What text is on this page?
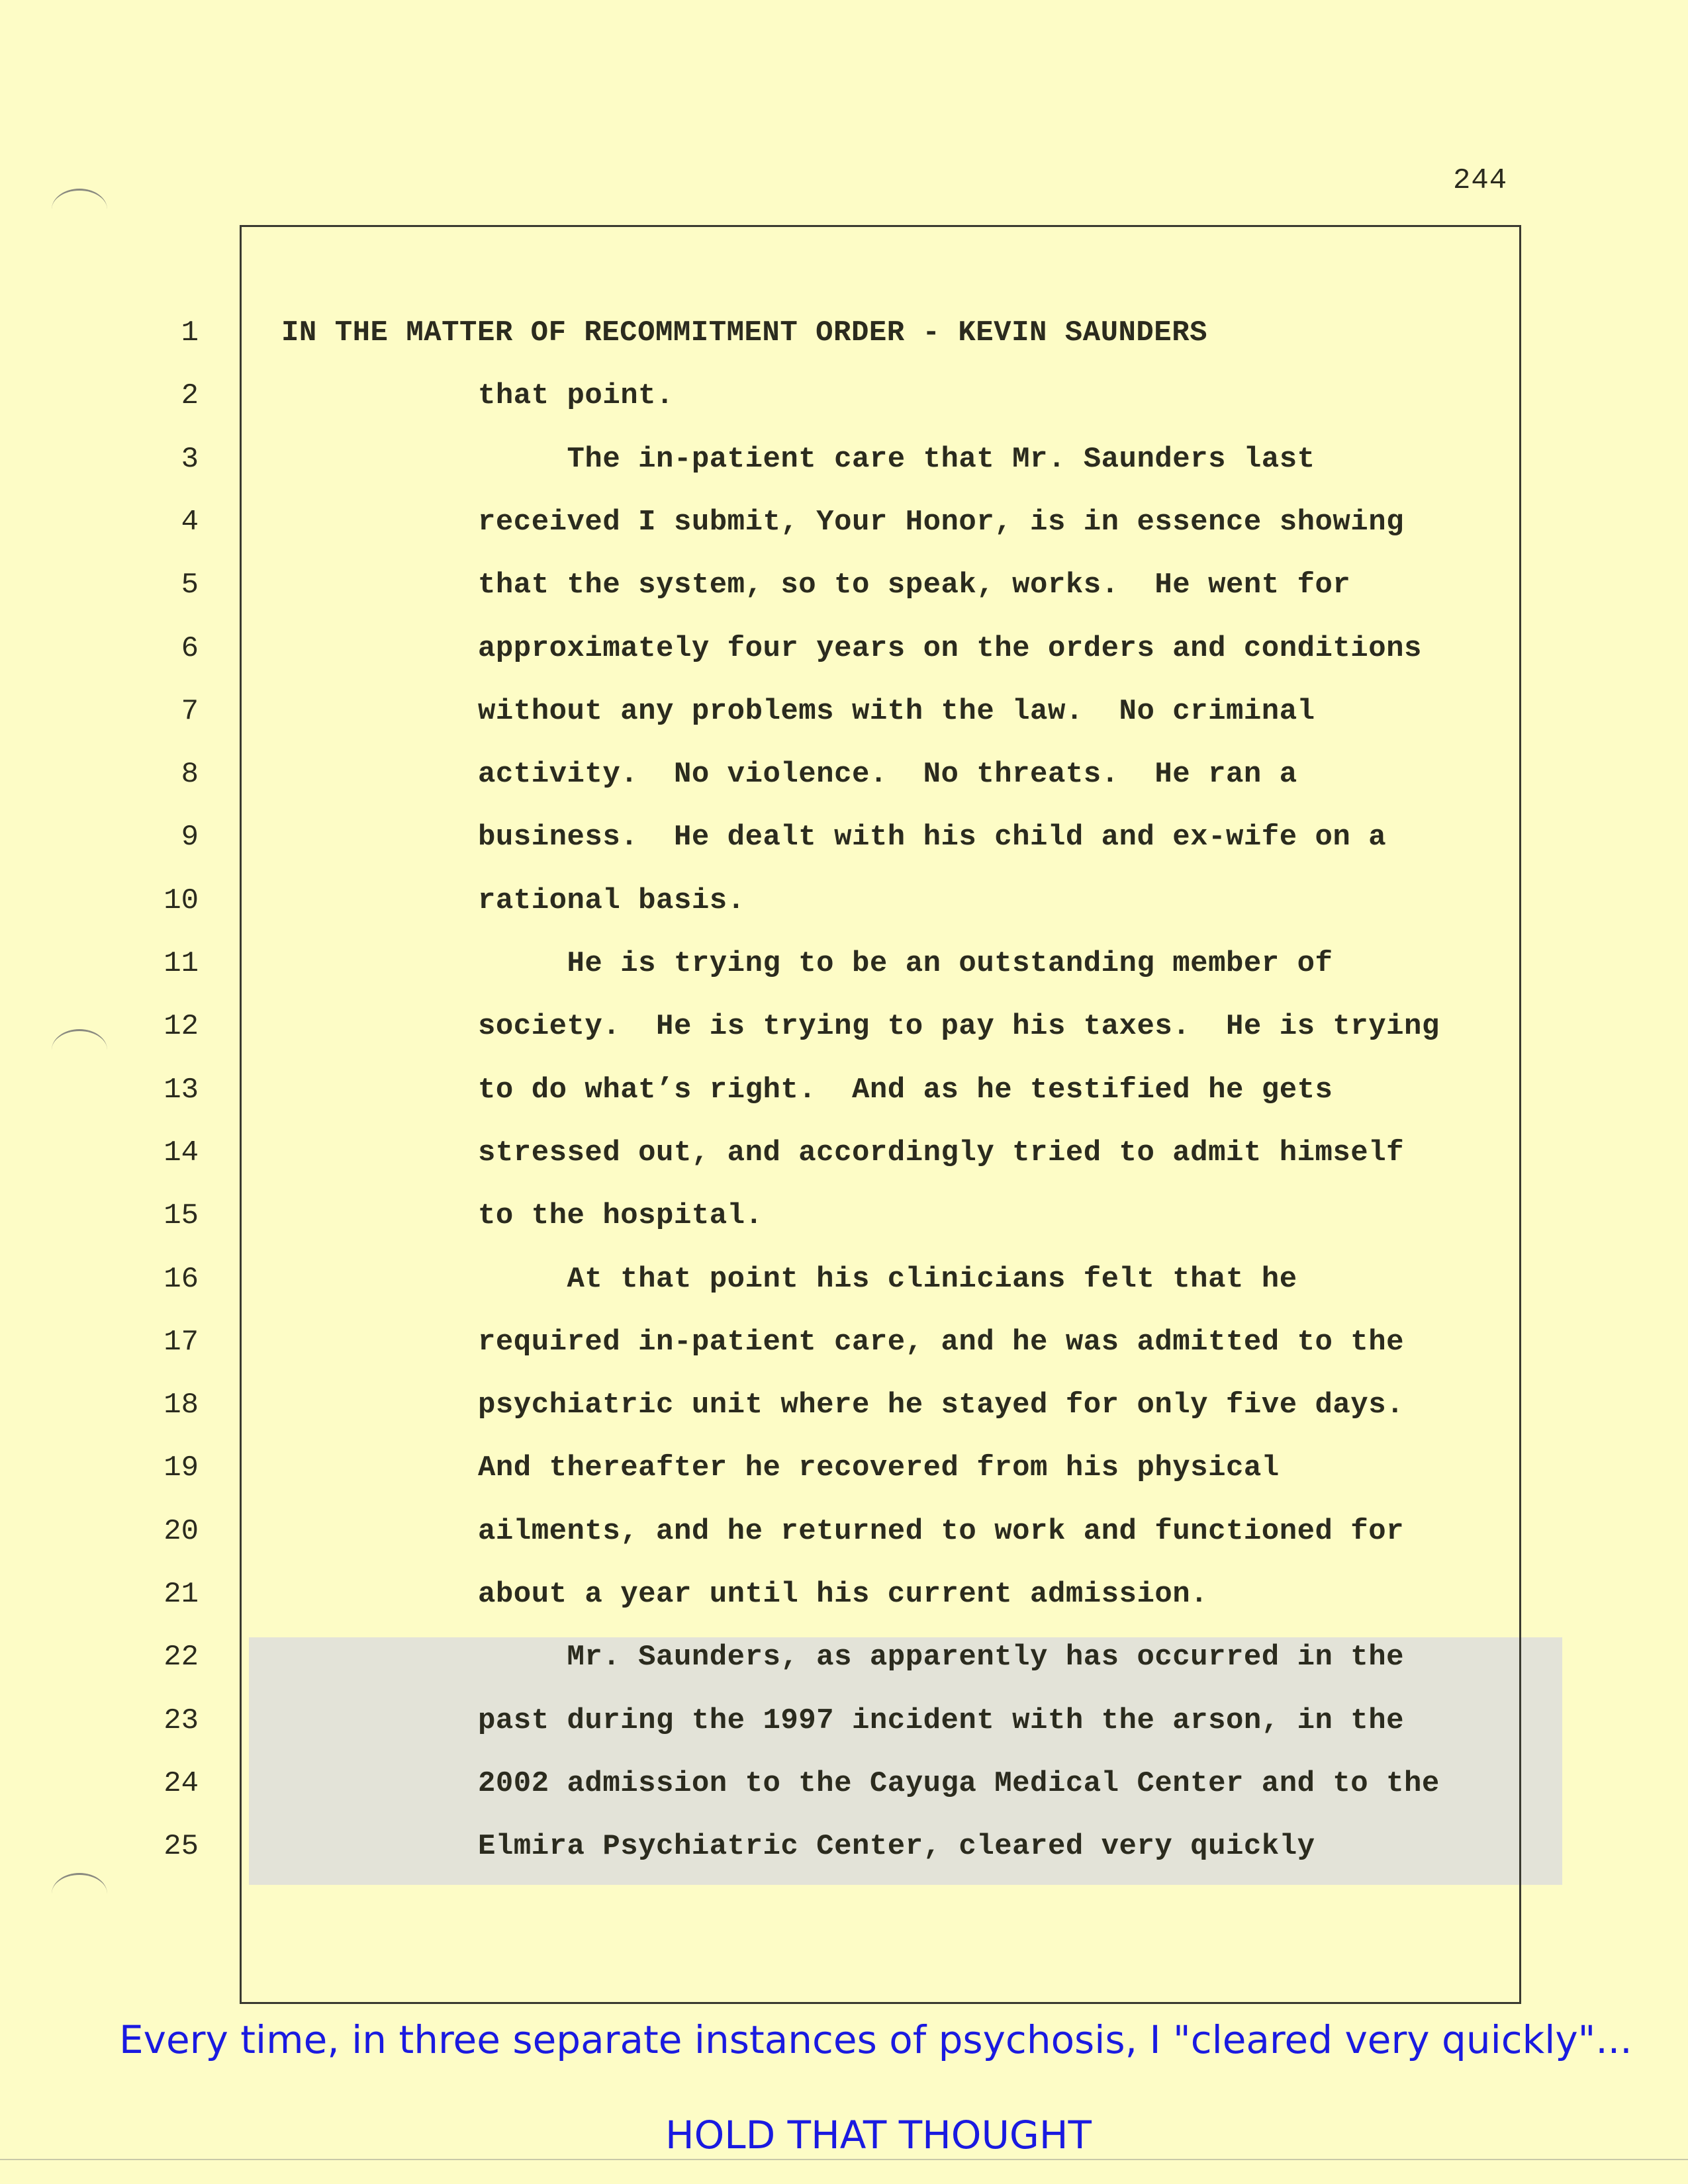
244
1	IN THE MATTER OF RECOMMITMENT ORDER - KEVIN SAUNDERS
2	that point.
3	The in-patient care that Mr. Saunders last
4	received I submit, Your Honor, is in essence showing
5	that the system, so to speak, works.  He went for
6	approximately four years on the orders and conditions
7	without any problems with the law.  No criminal
8	activity.  No violence.  No threats.  He ran a
9	business.  He dealt with his child and ex-wife on a
10	rational basis.
11	He is trying to be an outstanding member of
12	society.  He is trying to pay his taxes.  He is trying
13	to do what’s right.  And as he testified he gets
14	stressed out, and accordingly tried to admit himself
15	to the hospital.
16	At that point his clinicians felt that he
17	required in-patient care, and he was admitted to the
18	psychiatric unit where he stayed for only five days.
19	And thereafter he recovered from his physical
20	ailments, and he returned to work and functioned for
21	about a year until his current admission.
22	Mr. Saunders, as apparently has occurred in the
23	past during the 1997 incident with the arson, in the
24	2002 admission to the Cayuga Medical Center and to the
25	Elmira Psychiatric Center, cleared very quickly
Every time, in three separate instances of psychosis, I "cleared very quickly"...
HOLD THAT THOUGHT
